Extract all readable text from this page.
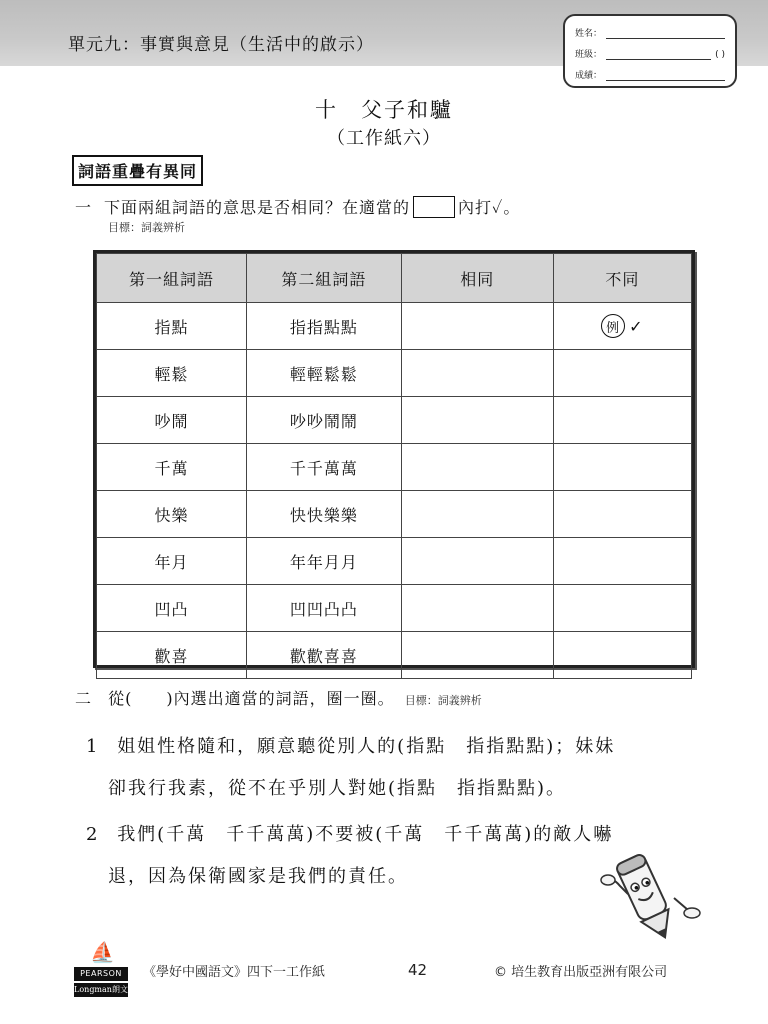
單元九：事實與意見（生活中的啟示）
姓名：
班級：	( )
成績：
十　父子和驢
（工作紙六）
詞語重疊有異同
一 下面兩組詞語的意思是否相同？在適當的	內打✓。
目標：詞義辨析
第一組詞語	第二組詞語	相同	不同
指點	指指點點		例 ✓

輕鬆	輕輕鬆鬆		
吵鬧	吵吵鬧鬧		
千萬	千千萬萬		
快樂	快快樂樂		
年月	年年月月		
凹凸	凹凹凸凸		
歡喜	歡歡喜喜		
二 從(　　)內選出適當的詞語，圈一圈。 目標：詞義辨析
1 姐姐性格隨和，願意聽從別人的(指點　指指點點)；妹妹
卻我行我素，從不在乎別人對她(指點　指指點點)。
2 我們(千萬　千千萬萬)不要被(千萬　千千萬萬)的敵人嚇
退，因為保衛國家是我們的責任。
⛵
PEARSON
Longman朗文
《學好中國語文》四下一工作紙	42	© 培生教育出版亞洲有限公司
